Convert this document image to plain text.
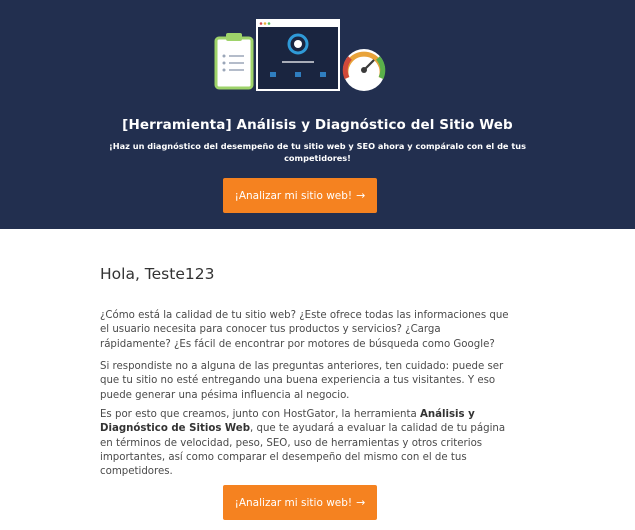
[Herramienta] Análisis y Diagnóstico del Sitio Web

¡Haz un diagnóstico del desempeño de tu sitio web y SEO ahora y compáralo con el de tus competidores!

¡Analizar mi sitio web! →
Hola, Teste123

¿Cómo está la calidad de tu sitio web? ¿Este ofrece todas las informaciones que el usuario necesita para conocer tus productos y servicios? ¿Carga rápidamente? ¿Es fácil de encontrar por motores de búsqueda como Google?

Si respondiste no a alguna de las preguntas anteriores, ten cuidado: puede ser que tu sitio no esté entregando una buena experiencia a tus visitantes. Y eso puede generar una pésima influencia al negocio.

Es por esto que creamos, junto con HostGator, la herramienta Análisis y Diagnóstico de Sitios Web, que te ayudará a evaluar la calidad de tu página en términos de velocidad, peso, SEO, uso de herramientas y otros criterios importantes, así como comparar el desempeño del mismo con el de tus competidores.

¡Analizar mi sitio web! →
